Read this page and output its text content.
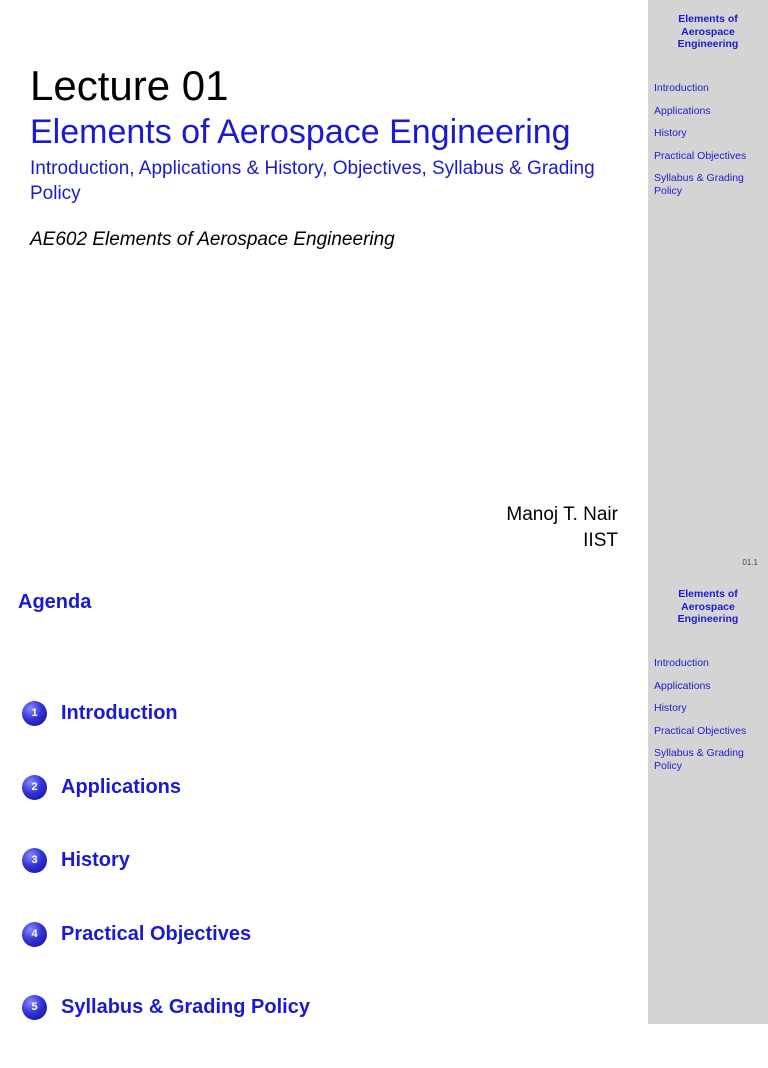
Lecture 01
Elements of Aerospace Engineering
Introduction, Applications & History, Objectives, Syllabus & Grading Policy
AE602 Elements of Aerospace Engineering
Manoj T. Nair
IIST
Elements of
Aerospace
Engineering
Introduction
Applications
History
Practical Objectives
Syllabus & Grading Policy
01.1
Agenda
1	Introduction
2	Applications
3	History
4	Practical Objectives
5	Syllabus & Grading Policy
Elements of
Aerospace
Engineering
Introduction
Applications
History
Practical Objectives
Syllabus & Grading Policy
